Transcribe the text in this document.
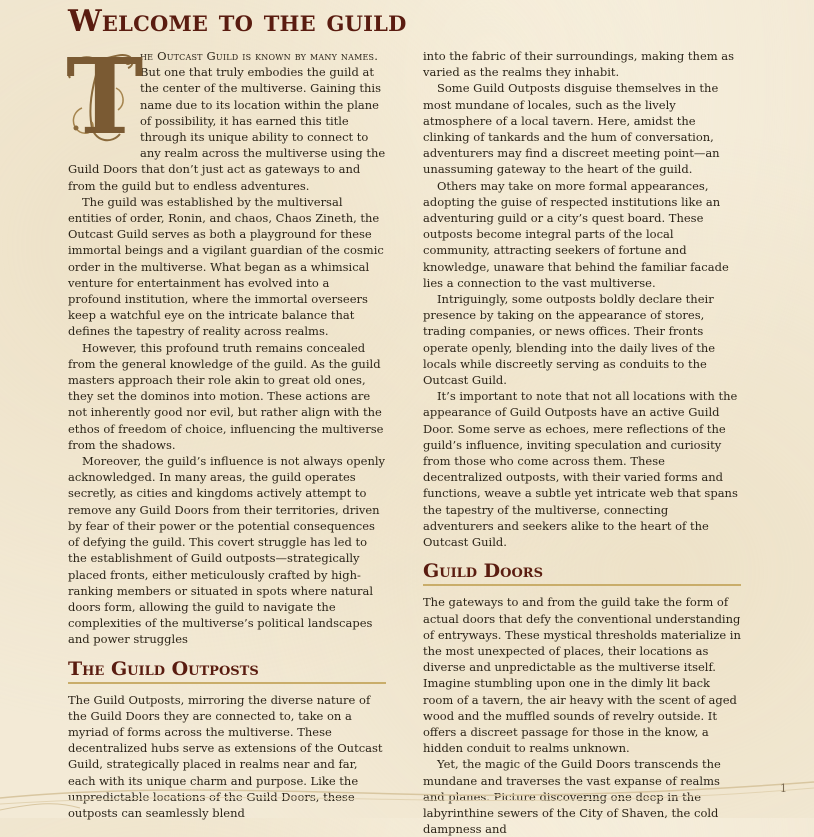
Welcome to the guild

T
he Outcast Guild is known by many names. But one that truly embodies the guild at the center of the multiverse. Gaining this name due to its location within the plane of possibility, it has earned this title through its unique ability to connect to any realm across the multiverse using the Guild Doors that don’t just act as gateways to and from the guild but to endless adventures.

The guild was established by the multiversal entities of order, Ronin, and chaos, Chaos Zineth, the Outcast Guild serves as both a playground for these immortal beings and a vigilant guardian of the cosmic order in the multiverse. What began as a whimsical venture for entertainment has evolved into a profound institution, where the immortal overseers keep a watchful eye on the intricate balance that defines the tapestry of reality across realms.

However, this profound truth remains concealed from the general knowledge of the guild. As the guild masters approach their role akin to great old ones, they set the dominos into motion. These actions are not inherently good nor evil, but rather align with the ethos of freedom of choice, influencing the multiverse from the shadows.

Moreover, the guild’s influence is not always openly acknowledged. In many areas, the guild operates secretly, as cities and kingdoms actively attempt to remove any Guild Doors from their territories, driven by fear of their power or the potential consequences of defying the guild. This covert struggle has led to the establishment of Guild outposts—strategically placed fronts, either meticulously crafted by high-ranking members or situated in spots where natural doors form, allowing the guild to navigate the complexities of the multiverse’s political landscapes and power struggles

The Guild Outposts

The Guild Outposts, mirroring the diverse nature of the Guild Doors they are connected to, take on a myriad of forms across the multiverse. These decentralized hubs serve as extensions of the Outcast Guild, strategically placed in realms near and far, each with its unique charm and purpose. Like the unpredictable locations of the Guild Doors, these outposts can seamlessly blend

into the fabric of their surroundings, making them as varied as the realms they inhabit.

Some Guild Outposts disguise themselves in the most mundane of locales, such as the lively atmosphere of a local tavern. Here, amidst the clinking of tankards and the hum of conversation, adventurers may find a discreet meeting point—an unassuming gateway to the heart of the guild.

Others may take on more formal appearances, adopting the guise of respected institutions like an adventuring guild or a city’s quest board. These outposts become integral parts of the local community, attracting seekers of fortune and knowledge, unaware that behind the familiar facade lies a connection to the vast multiverse.

Intriguingly, some outposts boldly declare their presence by taking on the appearance of stores, trading companies, or news offices. Their fronts operate openly, blending into the daily lives of the locals while discreetly serving as conduits to the Outcast Guild.

It’s important to note that not all locations with the appearance of Guild Outposts have an active Guild Door. Some serve as echoes, mere reflections of the guild’s influence, inviting speculation and curiosity from those who come across them. These decentralized outposts, with their varied forms and functions, weave a subtle yet intricate web that spans the tapestry of the multiverse, connecting adventurers and seekers alike to the heart of the Outcast Guild.

Guild Doors

The gateways to and from the guild take the form of actual doors that defy the conventional understanding of entryways. These mystical thresholds materialize in the most unexpected of places, their locations as diverse and unpredictable as the multiverse itself. Imagine stumbling upon one in the dimly lit back room of a tavern, the air heavy with the scent of aged wood and the muffled sounds of revelry outside. It offers a discreet passage for those in the know, a hidden conduit to realms unknown.

Yet, the magic of the Guild Doors transcends the mundane and traverses the vast expanse of realms and planes. Picture discovering one deep in the labyrinthine sewers of the City of Shaven, the cold dampness and

1
